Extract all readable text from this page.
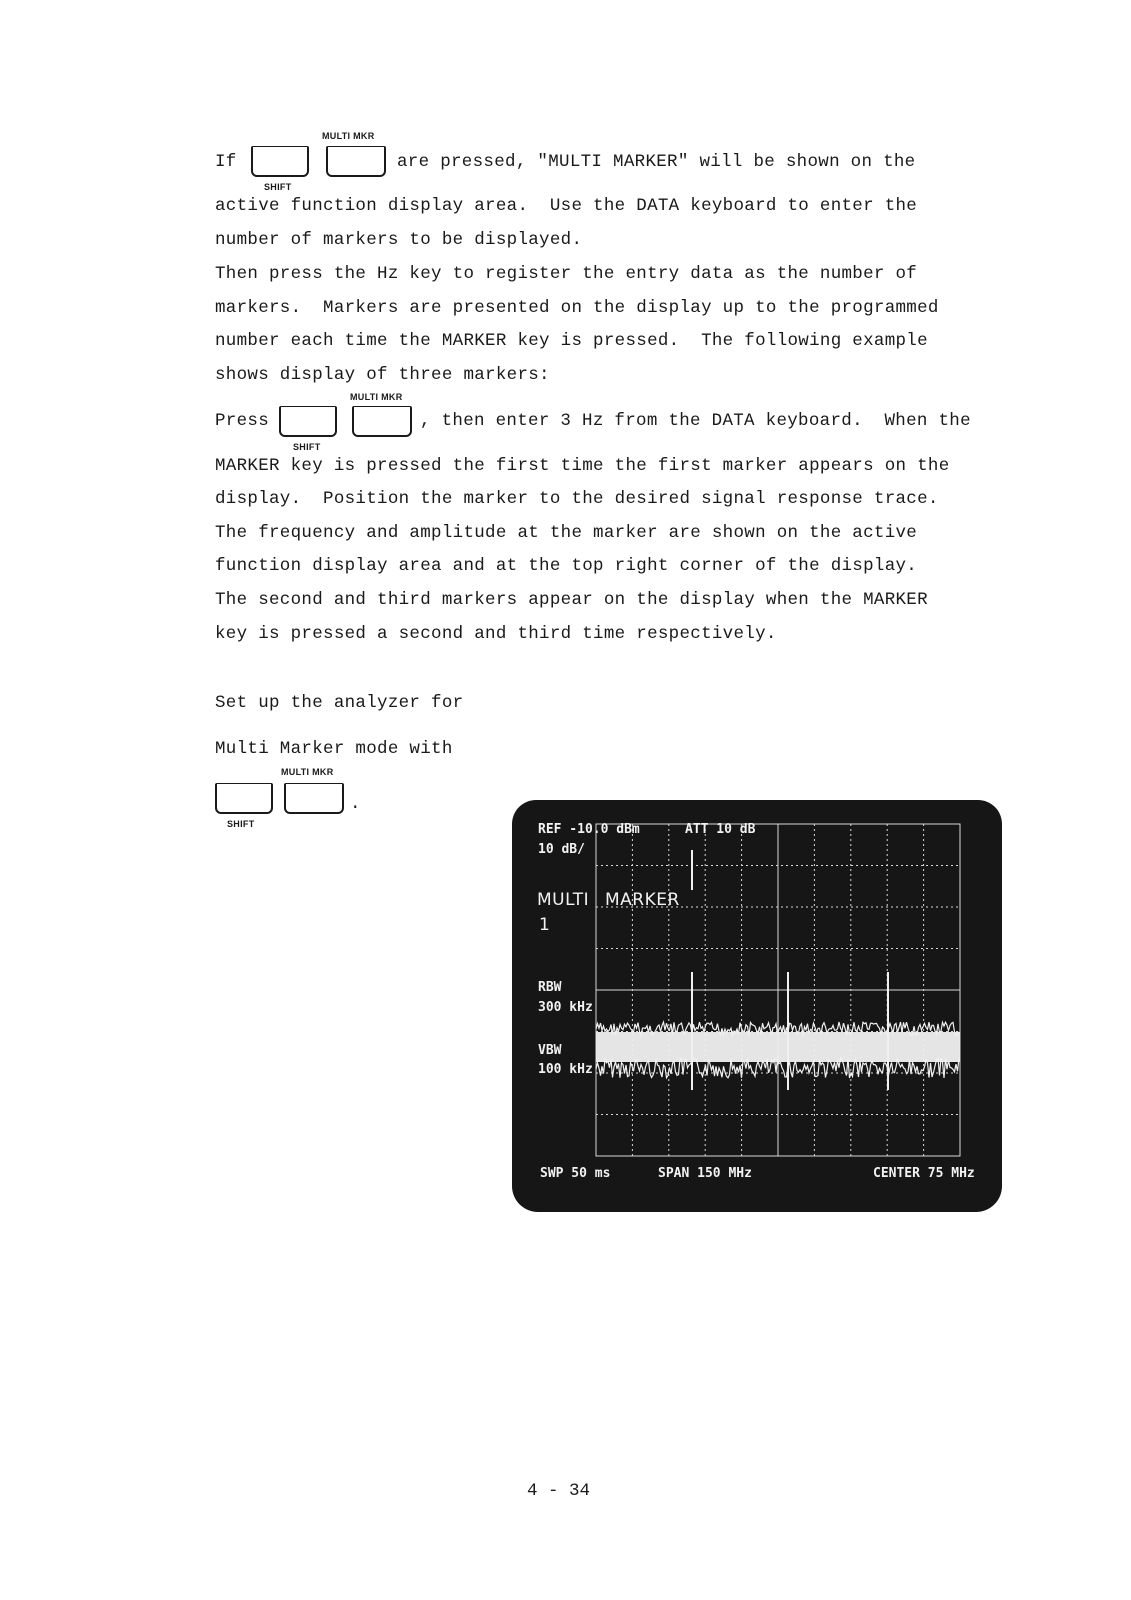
MULTI MKR
If
SHIFT
are pressed, "MULTI MARKER" will be shown on the
active function display area.  Use the DATA keyboard to enter the
number of markers to be displayed.
Then press the Hz key to register the entry data as the number of
markers.  Markers are presented on the display up to the programmed
number each time the MARKER key is pressed.  The following example
shows display of three markers:
MULTI MKR
Press
SHIFT
, then enter 3 Hz from the DATA keyboard.  When the
MARKER key is pressed the first time the first marker appears on the
display.  Position the marker to the desired signal response trace.
The frequency and amplitude at the marker are shown on the active
function display area and at the top right corner of the display.
The second and third markers appear on the display when the MARKER
key is pressed a second and third time respectively.
Set up the analyzer for
Multi Marker mode with
MULTI MKR
SHIFT
.
REF -10.0 dBm	ATT 10 dB
10 dB/
MULTI MARKER
1
RBW
300 kHz
VBW
100 kHz
SWP 50 ms	SPAN 150 MHz	CENTER 75 MHz
4 - 34
